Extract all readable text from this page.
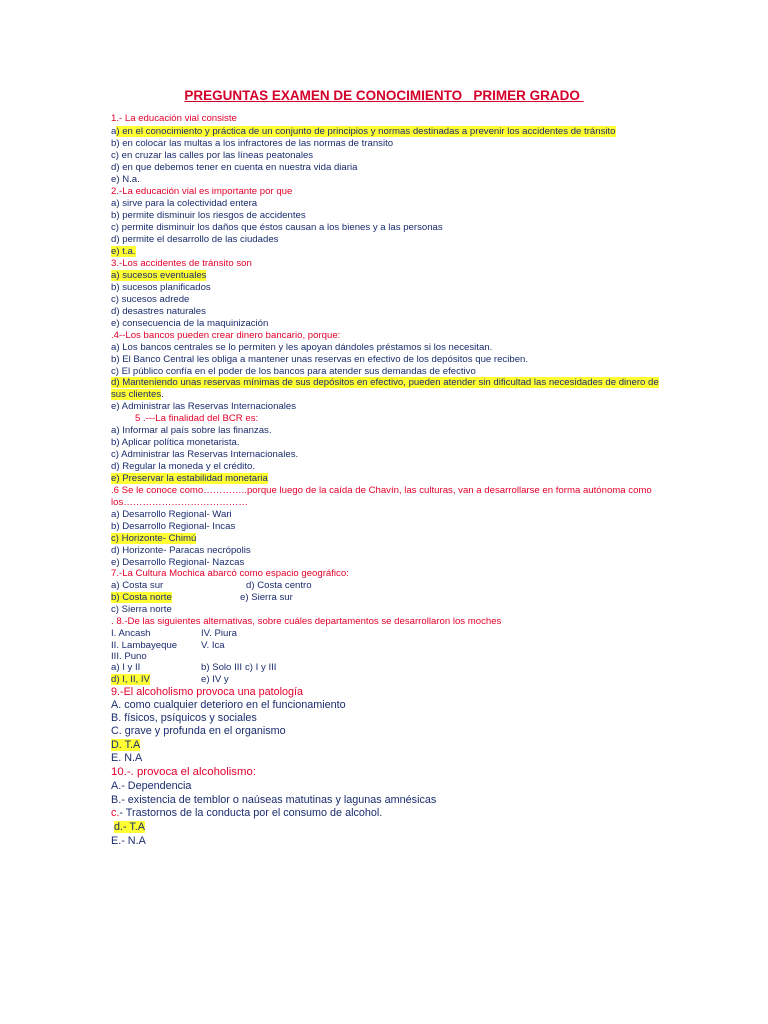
PREGUNTAS EXAMEN DE CONOCIMIENTO   PRIMER GRADO
1.- La educación vial consiste
a) en el conocimiento y práctica de un conjunto de principios y normas destinadas a prevenir los accidentes de tránsito
b) en colocar las multas a los infractores de las normas de transito
c) en cruzar las calles por las líneas peatonales
d) en que debemos tener en cuenta en nuestra vida diaria
e) N.a.
2.-La educación vial es importante por que
a) sirve para la colectividad entera
b) permite disminuir los riesgos de accidentes
c) permite disminuir los daños que éstos causan a los bienes y a las personas
d) permite el desarrollo de las ciudades
e) t.a.
3.-Los accidentes de tránsito son
a) sucesos eventuales
b) sucesos planificados
c) sucesos adrede
d) desastres naturales
e) consecuencia de la maquinización
.4--Los bancos pueden crear dinero bancario, porque:
a) Los bancos centrales se lo permiten y les apoyan dándoles préstamos si los necesitan.
b) El Banco Central les obliga a mantener unas reservas en efectivo de los depósitos que reciben.
c) El público confía en el poder de los bancos para atender sus demandas de efectivo
d) Manteniendo unas reservas mínimas de sus depósitos en efectivo, pueden atender sin dificultad las necesidades de dinero de
sus clientes.
e) Administrar las Reservas Internacionales
5 .---La finalidad del BCR es:
a) Informar al país sobre las finanzas.
b) Aplicar política monetarista.
c) Administrar las Reservas Internacionales.
d) Regular la moneda y el crédito.
e) Preservar la estabilidad monetaria
.6 Se le conoce como…………..porque luego de la caída de Chavín, las culturas, van a desarrollarse en forma autónoma como
los…………………………………
a) Desarrollo Regional- Wari
b) Desarrollo Regional- Incas
c) Horizonte- Chimú
d) Horizonte- Paracas necrópolis
e) Desarrollo Regional- Nazcas
7.-La Cultura Mochica abarcó como espacio geográfico:
a) Costa sur	d) Costa centro
b) Costa norte	e) Sierra sur
c) Sierra norte
. 8.-De las siguientes alternativas, sobre cuáles departamentos se desarrollaron los moches
I. Ancash	IV. Piura
II. Lambayeque V. Ica
III. Puno
a) I y II	b) Solo III c) I y III
d) I, II, IV	e) IV y
9.-El alcoholismo provoca una patología
A. como cualquier deterioro en el funcionamiento
B. físicos, psíquicos y sociales
C. grave y profunda en el organismo
D. T.A
E. N.A
10.-. provoca el alcoholismo:
A.- Dependencia
B.- existencia de temblor o naúseas matutinas y lagunas amnésicas
c.- Trastornos de la conducta por el consumo de alcohol.
d.- T.A
E.- N.A
